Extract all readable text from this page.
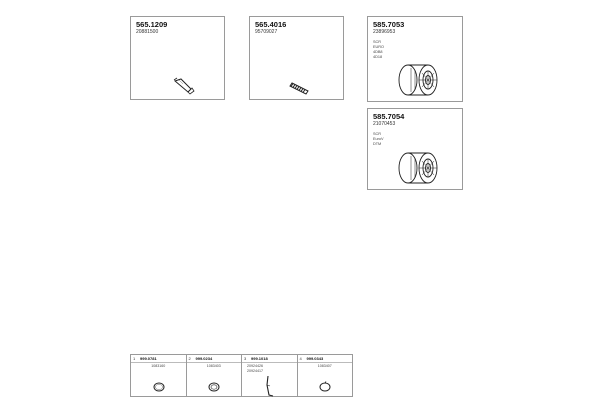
565.1209
20881500
565.4016
95709027
585.7053
23896953
SCR
EURO
4DB8
4D18
585.7054
21070453
SCR
EuroV
DTM
1 999.0781
1083160
2 999.0234
1083403
3 999.1018
20924426
20924417
4 999.0343
1083407
